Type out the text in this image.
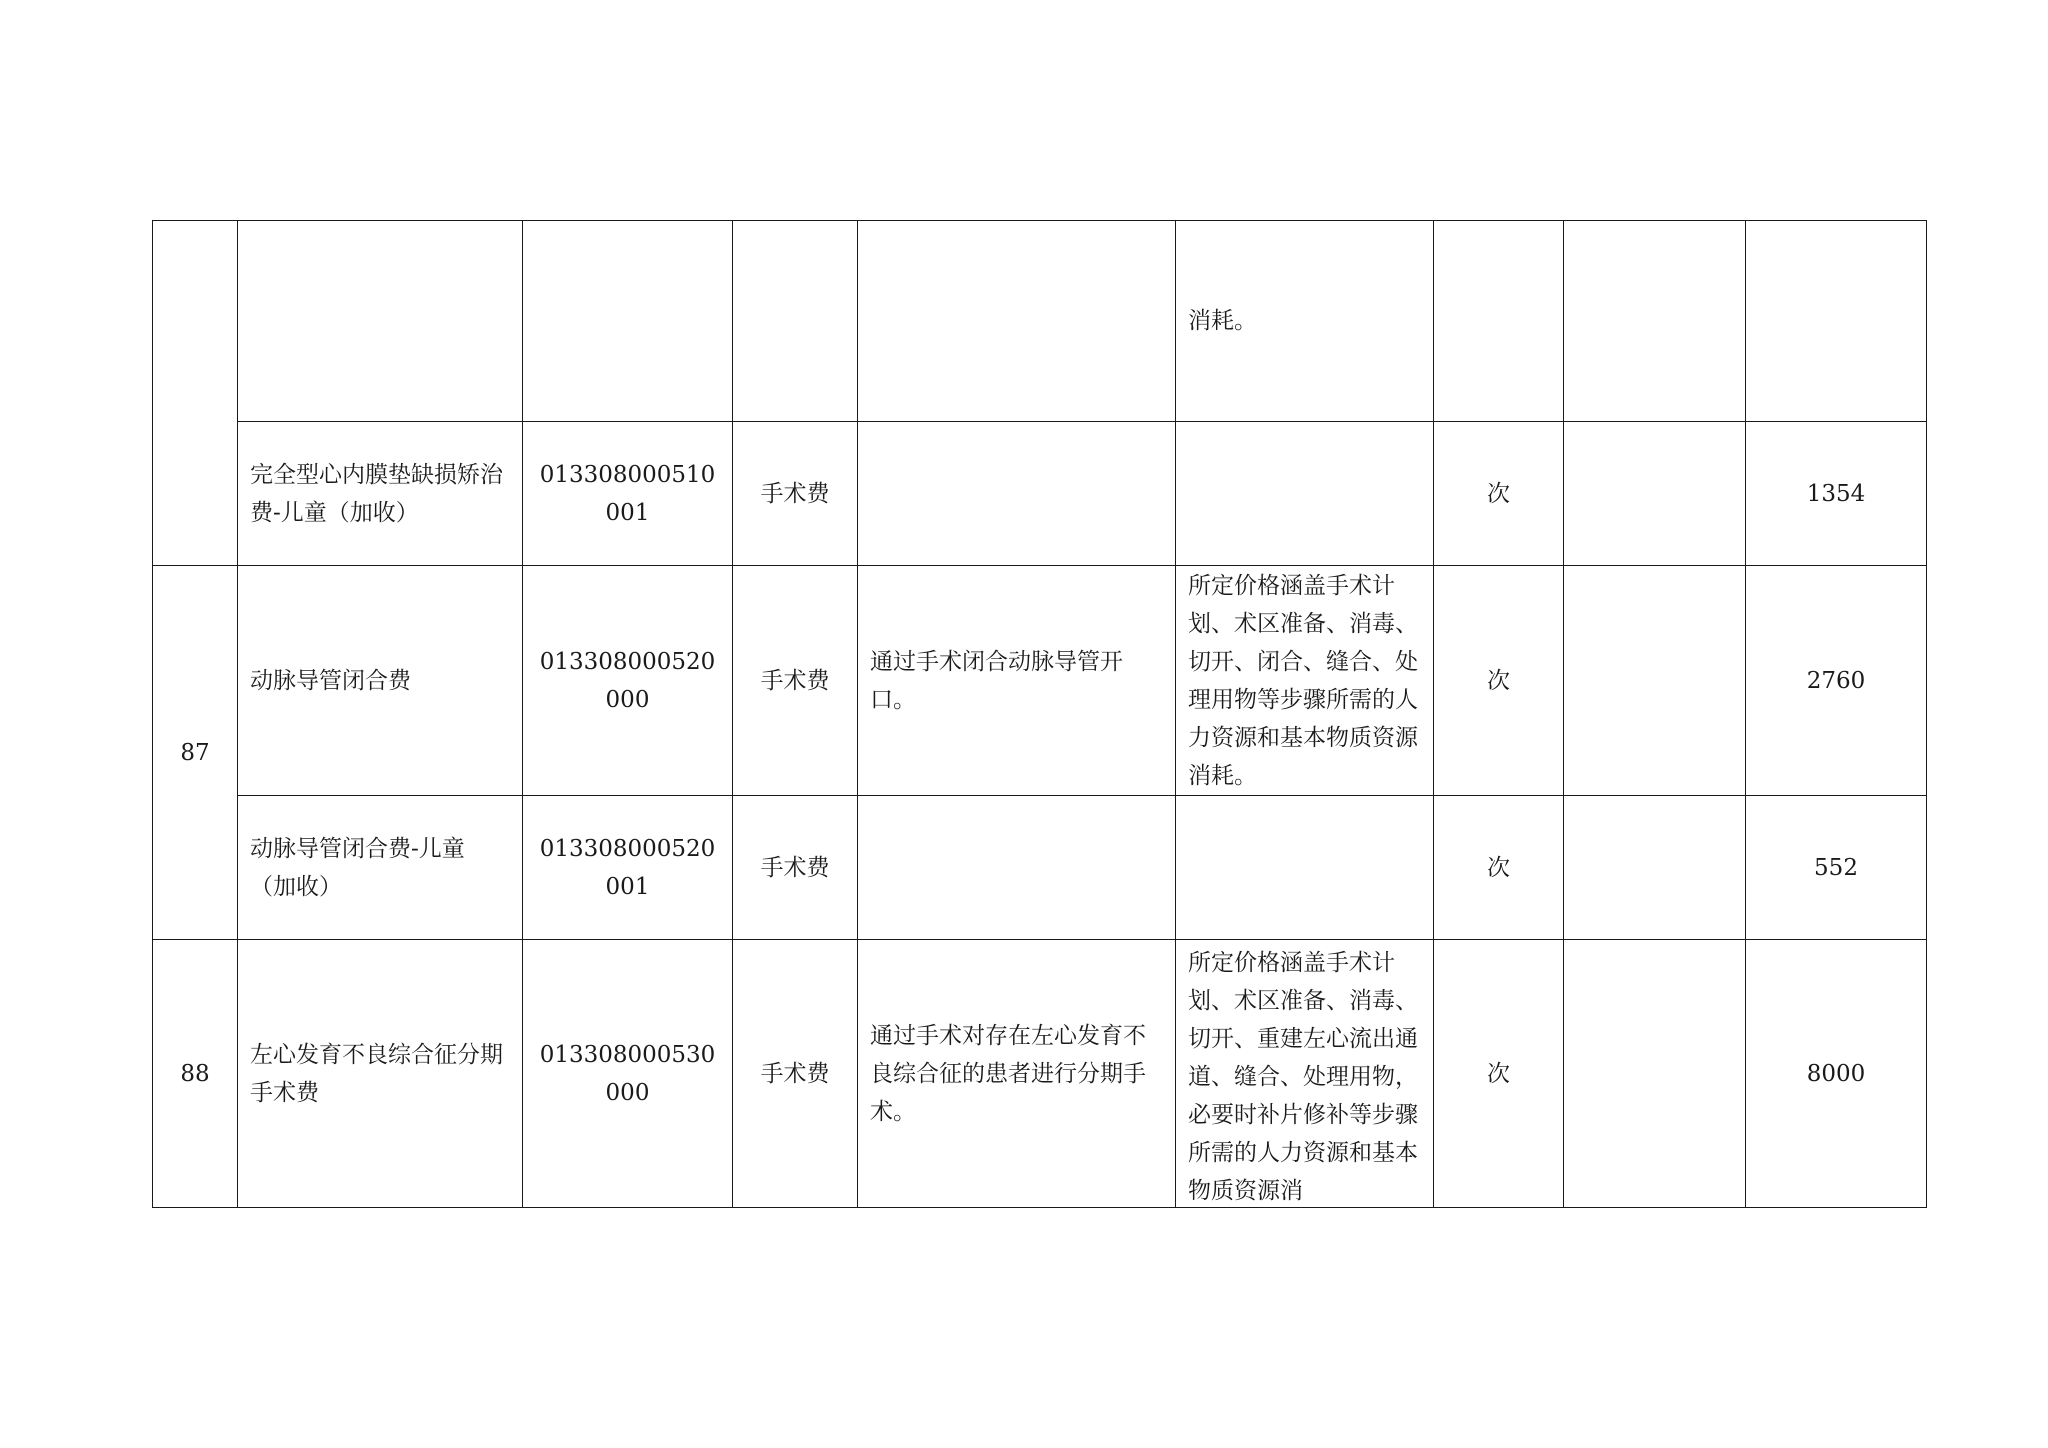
					消耗。			
	完全型心内膜垫缺损矫治费-儿童（加收）	013308000510001	手术费			次		1354
87	动脉导管闭合费	013308000520000	手术费	通过手术闭合动脉导管开口。	所定价格涵盖手术计划、术区准备、消毒、切开、闭合、缝合、处理用物等步骤所需的人力资源和基本物质资源消耗。	次		2760
	动脉导管闭合费-儿童（加收）	013308000520001	手术费			次		552
88	左心发育不良综合征分期手术费	013308000530000	手术费	通过手术对存在左心发育不良综合征的患者进行分期手术。	所定价格涵盖手术计划、术区准备、消毒、切开、重建左心流出通道、缝合、处理用物，必要时补片修补等步骤所需的人力资源和基本物质资源消	次		8000
